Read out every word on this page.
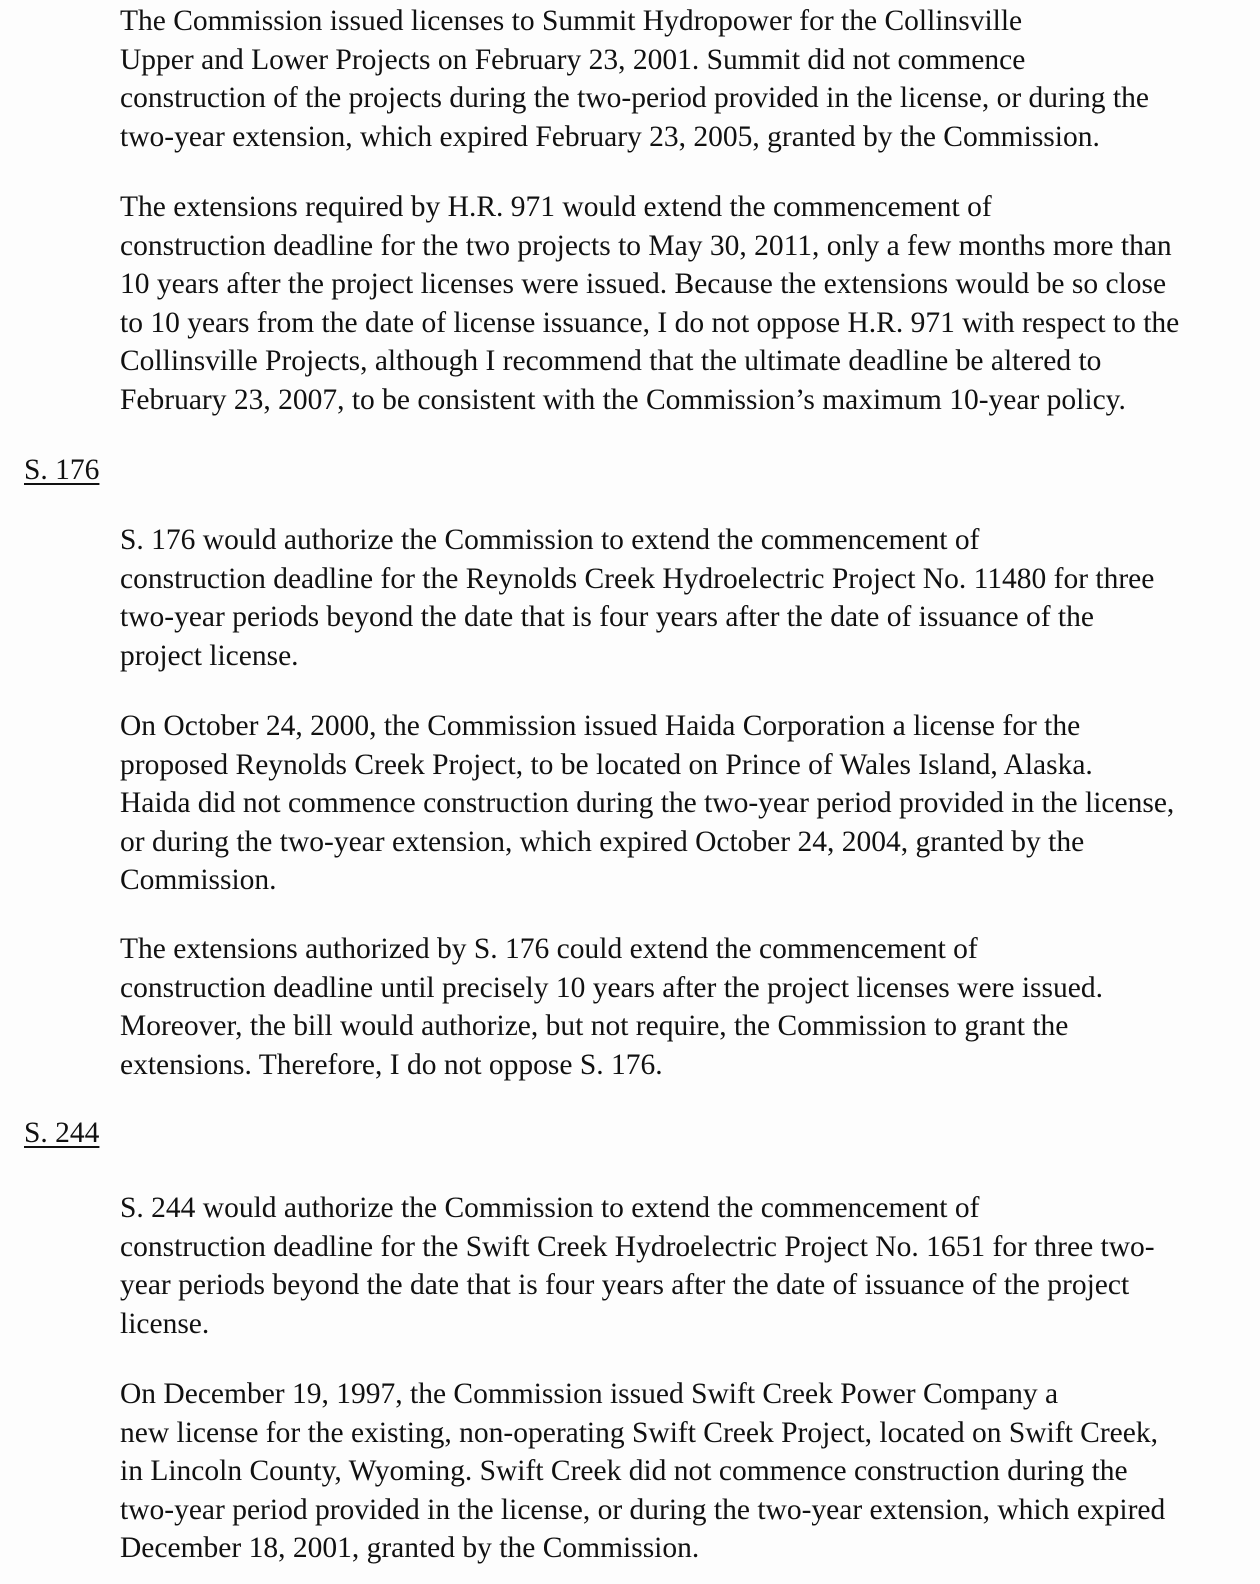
The Commission issued licenses to Summit Hydropower for the Collinsville
Upper and Lower Projects on February 23, 2001. Summit did not commence
construction of the projects during the two-period provided in the license, or during the
two-year extension, which expired February 23, 2005, granted by the Commission.

The extensions required by H.R. 971 would extend the commencement of
construction deadline for the two projects to May 30, 2011, only a few months more than
10 years after the project licenses were issued. Because the extensions would be so close
to 10 years from the date of license issuance, I do not oppose H.R. 971 with respect to the
Collinsville Projects, although I recommend that the ultimate deadline be altered to
February 23, 2007, to be consistent with the Commission’s maximum 10-year policy.

S. 176

S. 176 would authorize the Commission to extend the commencement of
construction deadline for the Reynolds Creek Hydroelectric Project No. 11480 for three
two-year periods beyond the date that is four years after the date of issuance of the
project license.

On October 24, 2000, the Commission issued Haida Corporation a license for the
proposed Reynolds Creek Project, to be located on Prince of Wales Island, Alaska.
Haida did not commence construction during the two-year period provided in the license,
or during the two-year extension, which expired October 24, 2004, granted by the
Commission.

The extensions authorized by S. 176 could extend the commencement of
construction deadline until precisely 10 years after the project licenses were issued.
Moreover, the bill would authorize, but not require, the Commission to grant the
extensions. Therefore, I do not oppose S. 176.

S. 244

S. 244 would authorize the Commission to extend the commencement of
construction deadline for the Swift Creek Hydroelectric Project No. 1651 for three two-
year periods beyond the date that is four years after the date of issuance of the project
license.

On December 19, 1997, the Commission issued Swift Creek Power Company a
new license for the existing, non-operating Swift Creek Project, located on Swift Creek,
in Lincoln County, Wyoming. Swift Creek did not commence construction during the
two-year period provided in the license, or during the two-year extension, which expired
December 18, 2001, granted by the Commission.
